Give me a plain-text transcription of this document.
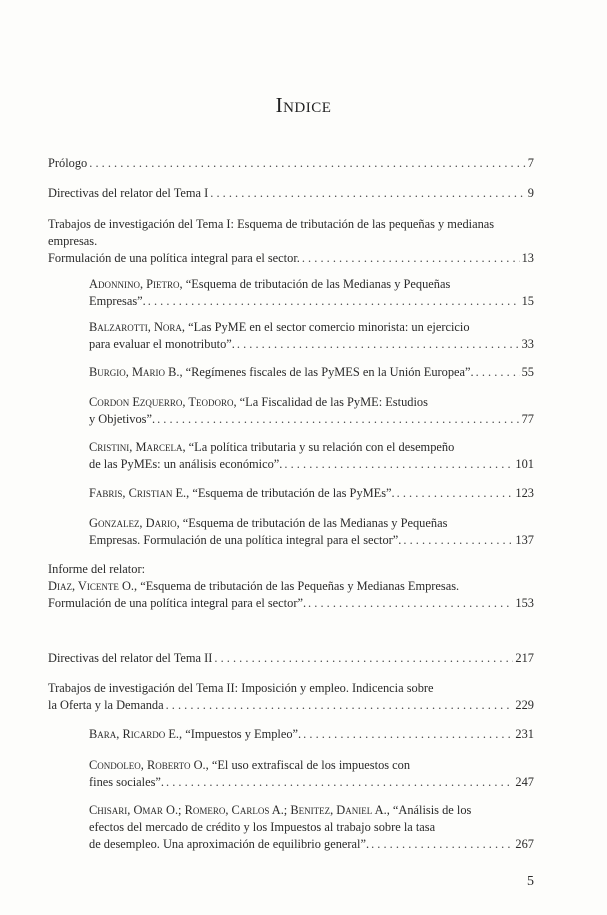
Indice
Prólogo . . .	7
Directivas del relator del Tema I . . .	9
Trabajos de investigación del Tema I: Esquema de tributación de las pequeñas y medianas
empresas.
Formulación de una política integral para el sector. . . .	13
Adonnino, Pietro, “Esquema de tributación de las Medianas y Pequeñas
Empresas”. . . .	15
Balzarotti, Nora, “Las PyME en el sector comercio minorista: un ejercicio
para evaluar el monotributo”. . . .	33
Burgio, Mario B., “Regímenes fiscales de las PyMES en la Unión Europea”. . . .	55
Cordon Ezquerro, Teodoro, “La Fiscalidad de las PyME: Estudios
y Objetivos”. . . .	77
Cristini, Marcela, “La política tributaria y su relación con el desempeño
de las PyMEs: un análisis económico”. . . .	101
Fabris, Cristian E., “Esquema de tributación de las PyMEs”. . . .	123
Gonzalez, Dario, “Esquema de tributación de las Medianas y Pequeñas
Empresas. Formulación de una política integral para el sector”. . . .	137
Informe del relator:
Diaz, Vicente O., “Esquema de tributación de las Pequeñas y Medianas Empresas.
Formulación de una política integral para el sector”. . . .	153
Directivas del relator del Tema II . . .	217
Trabajos de investigación del Tema II: Imposición y empleo. Indicencia sobre
la Oferta y la Demanda . . .	229
Bara, Ricardo E., “Impuestos y Empleo”. . . .	231
Condoleo, Roberto O., “El uso extrafiscal de los impuestos con
fines sociales”. . . .	247
Chisari, Omar O.; Romero, Carlos A.; Benitez, Daniel A., “Análisis de los
efectos del mercado de crédito y los Impuestos al trabajo sobre la tasa
de desempleo. Una aproximación de equilibrio general”. . . .	267
5
